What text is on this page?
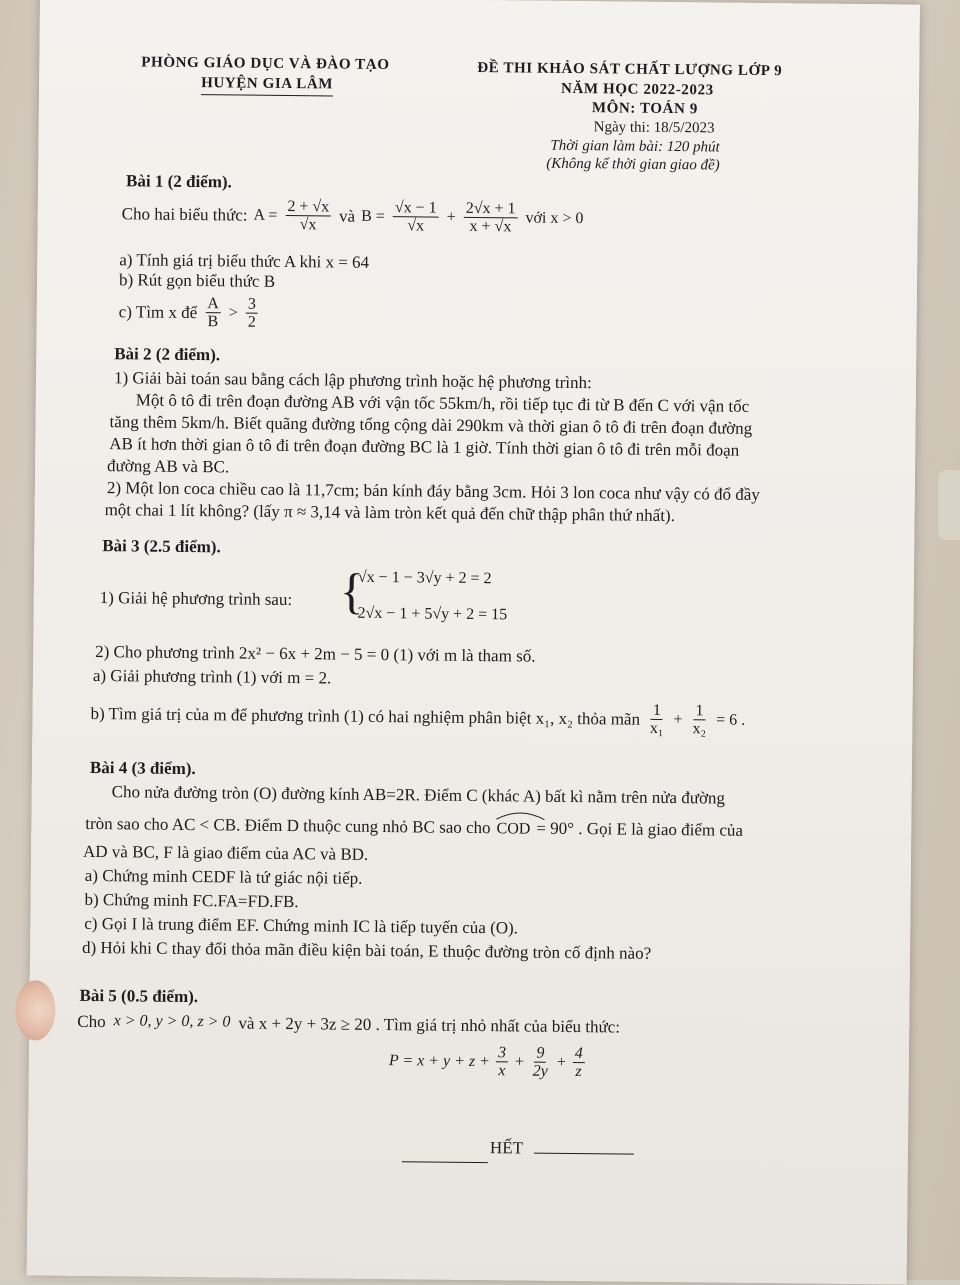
PHÒNG GIÁO DỤC VÀ ĐÀO TẠO
HUYỆN GIA LÂM
ĐỀ THI KHẢO SÁT CHẤT LƯỢNG LỚP 9
NĂM HỌC 2022-2023
MÔN: TOÁN 9
Ngày thi: 18/5/2023
Thời gian làm bài: 120 phút
(Không kể thời gian giao đề)
Bài 1 (2 điểm).
Cho hai biểu thức: $A = \frac{2 + √x}{√x}$ và $B = \frac{√x - 1}{√x} + \frac{2√x + 1}{x + √x}$ với x > 0
a) Tính giá trị biểu thức A khi x = 64
b) Rút gọn biểu thức B
c) Tìm x để $\frac{A}{B} > \frac{3}{2}$
Bài 2 (2 điểm).
1) Giải bài toán sau bằng cách lập phương trình hoặc hệ phương trình:
Một ô tô đi trên đoạn đường AB với vận tốc 55km/h, rồi tiếp tục đi từ B đến C với vận tốc
tăng thêm 5km/h. Biết quãng đường tổng cộng dài 290km và thời gian ô tô đi trên đoạn đường
AB ít hơn thời gian ô tô đi trên đoạn đường BC là 1 giờ. Tính thời gian ô tô đi trên mỗi đoạn
đường AB và BC.
2) Một lon coca chiều cao là 11,7cm; bán kính đáy bằng 3cm. Hỏi 3 lon coca như vậy có đổ đầy
một chai 1 lít không? (lấy π ≈ 3,14 và làm tròn kết quả đến chữ thập phân thứ nhất).
Bài 3 (2.5 điểm).
1) Giải hệ phương trình sau: {
√x − 1 − 3√y + 2 = 2
2√x − 1 + 5√y + 2 = 15
2) Cho phương trình 2x² − 6x + 2m − 5 = 0 (1) với m là tham số.
a) Giải phương trình (1) với m = 2.
b) Tìm giá trị của m để phương trình (1) có hai nghiệm phân biệt x₁, x₂ thỏa mãn $\frac{1}{\text{x₁}} + \frac{1}{\text{x₂}} = 6$ .
Bài 4 (3 điểm).
Cho nửa đường tròn (O) đường kính AB=2R. Điểm C (khác A) bất kì nằm trên nửa đường
tròn sao cho AC < CB. Điểm D thuộc cung nhỏ BC sao cho COD = 90° . Gọi E là giao điểm của
AD và BC, F là giao điểm của AC và BD.
a) Chứng minh CEDF là tứ giác nội tiếp.
b) Chứng minh FC.FA=FD.FB.
c) Gọi I là trung điểm EF. Chứng minh IC là tiếp tuyến của (O).
d) Hỏi khi C thay đổi thỏa mãn điều kiện bài toán, E thuộc đường tròn cố định nào?
Bài 5 (0.5 điểm).
Cho x > 0, y > 0, z > 0 và x + 2y + 3z ≥ 20 . Tìm giá trị nhỏ nhất của biểu thức:
$P = x + y + z + \frac{3}{x} + \frac{9}{2y} + \frac{4}{z}$
HẾT
